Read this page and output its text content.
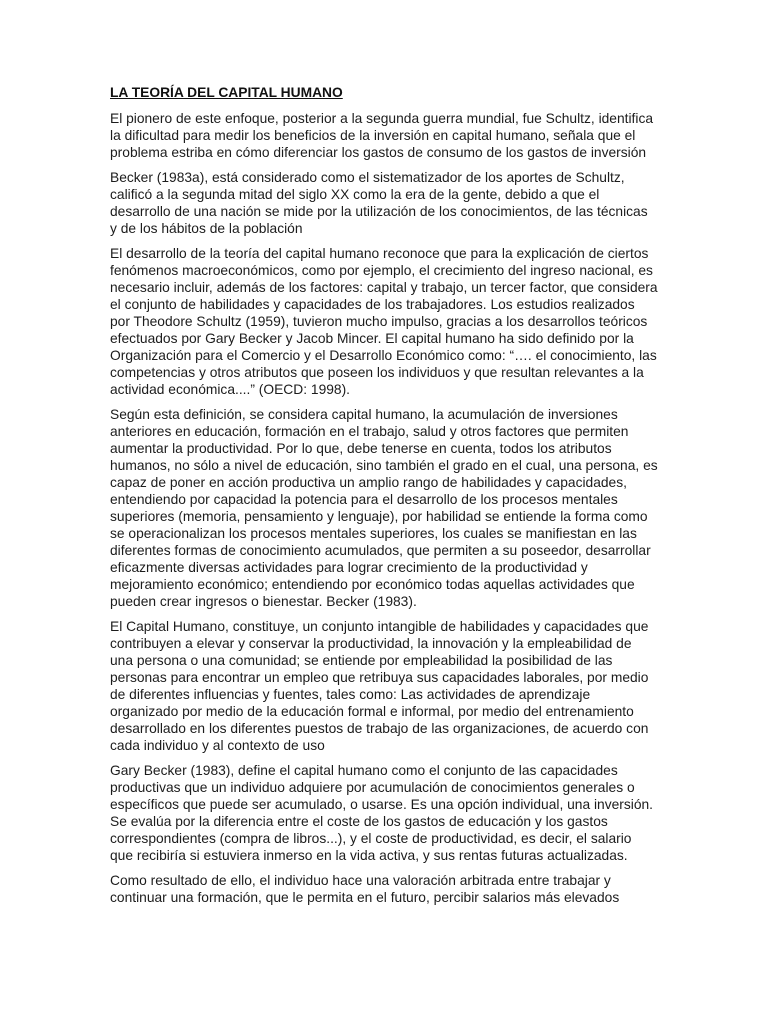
LA TEORÍA DEL CAPITAL HUMANO

El pionero de este enfoque, posterior a la segunda guerra mundial, fue Schultz, identifica la dificultad para medir los beneficios de la inversión en capital humano, señala que el problema estriba en cómo diferenciar los gastos de consumo de los gastos de inversión

Becker (1983a), está considerado como el sistematizador de los aportes de Schultz, calificó a la segunda mitad del siglo XX como la era de la gente, debido a que el desarrollo de una nación se mide por la utilización de los conocimientos, de las técnicas y de los hábitos de la población

El desarrollo de la teoría del capital humano reconoce que para la explicación de ciertos fenómenos macroeconómicos, como por ejemplo, el crecimiento del ingreso nacional, es necesario incluir, además de los factores: capital y trabajo, un tercer factor, que considera el conjunto de habilidades y capacidades de los trabajadores. Los estudios realizados por Theodore Schultz (1959), tuvieron mucho impulso, gracias a los desarrollos teóricos efectuados por Gary Becker y Jacob Mincer. El capital humano ha sido definido por la Organización para el Comercio y el Desarrollo Económico como: “…. el conocimiento, las competencias y otros atributos que poseen los individuos y que resultan relevantes a la actividad económica....” (OECD: 1998).

Según esta definición, se considera capital humano, la acumulación de inversiones anteriores en educación, formación en el trabajo, salud y otros factores que permiten aumentar la productividad. Por lo que, debe tenerse en cuenta, todos los atributos humanos, no sólo a nivel de educación, sino también el grado en el cual, una persona, es capaz de poner en acción productiva un amplio rango de habilidades y capacidades, entendiendo por capacidad la potencia para el desarrollo de los procesos mentales superiores (memoria, pensamiento y lenguaje), por habilidad se entiende la forma como se operacionalizan los procesos mentales superiores, los cuales se manifiestan en las diferentes formas de conocimiento acumulados, que permiten a su poseedor, desarrollar eficazmente diversas actividades para lograr crecimiento de la productividad y mejoramiento económico; entendiendo por económico todas aquellas actividades que pueden crear ingresos o bienestar. Becker (1983).

El Capital Humano, constituye, un conjunto intangible de habilidades y capacidades que contribuyen a elevar y conservar la productividad, la innovación y la empleabilidad de una persona o una comunidad; se entiende por empleabilidad la posibilidad de las personas para encontrar un empleo que retribuya sus capacidades laborales, por medio de diferentes influencias y fuentes, tales como: Las actividades de aprendizaje organizado por medio de la educación formal e informal, por medio del entrenamiento desarrollado en los diferentes puestos de trabajo de las organizaciones, de acuerdo con cada individuo y al contexto de uso

Gary Becker (1983), define el capital humano como el conjunto de las capacidades productivas que un individuo adquiere por acumulación de conocimientos generales o específicos que puede ser acumulado, o usarse. Es una opción individual, una inversión. Se evalúa por la diferencia entre el coste de los gastos de educación y los gastos correspondientes (compra de libros...), y el coste de productividad, es decir, el salario que recibiría si estuviera inmerso en la vida activa, y sus rentas futuras actualizadas.

Como resultado de ello, el individuo hace una valoración arbitrada entre trabajar y continuar una formación, que le permita en el futuro, percibir salarios más elevados
